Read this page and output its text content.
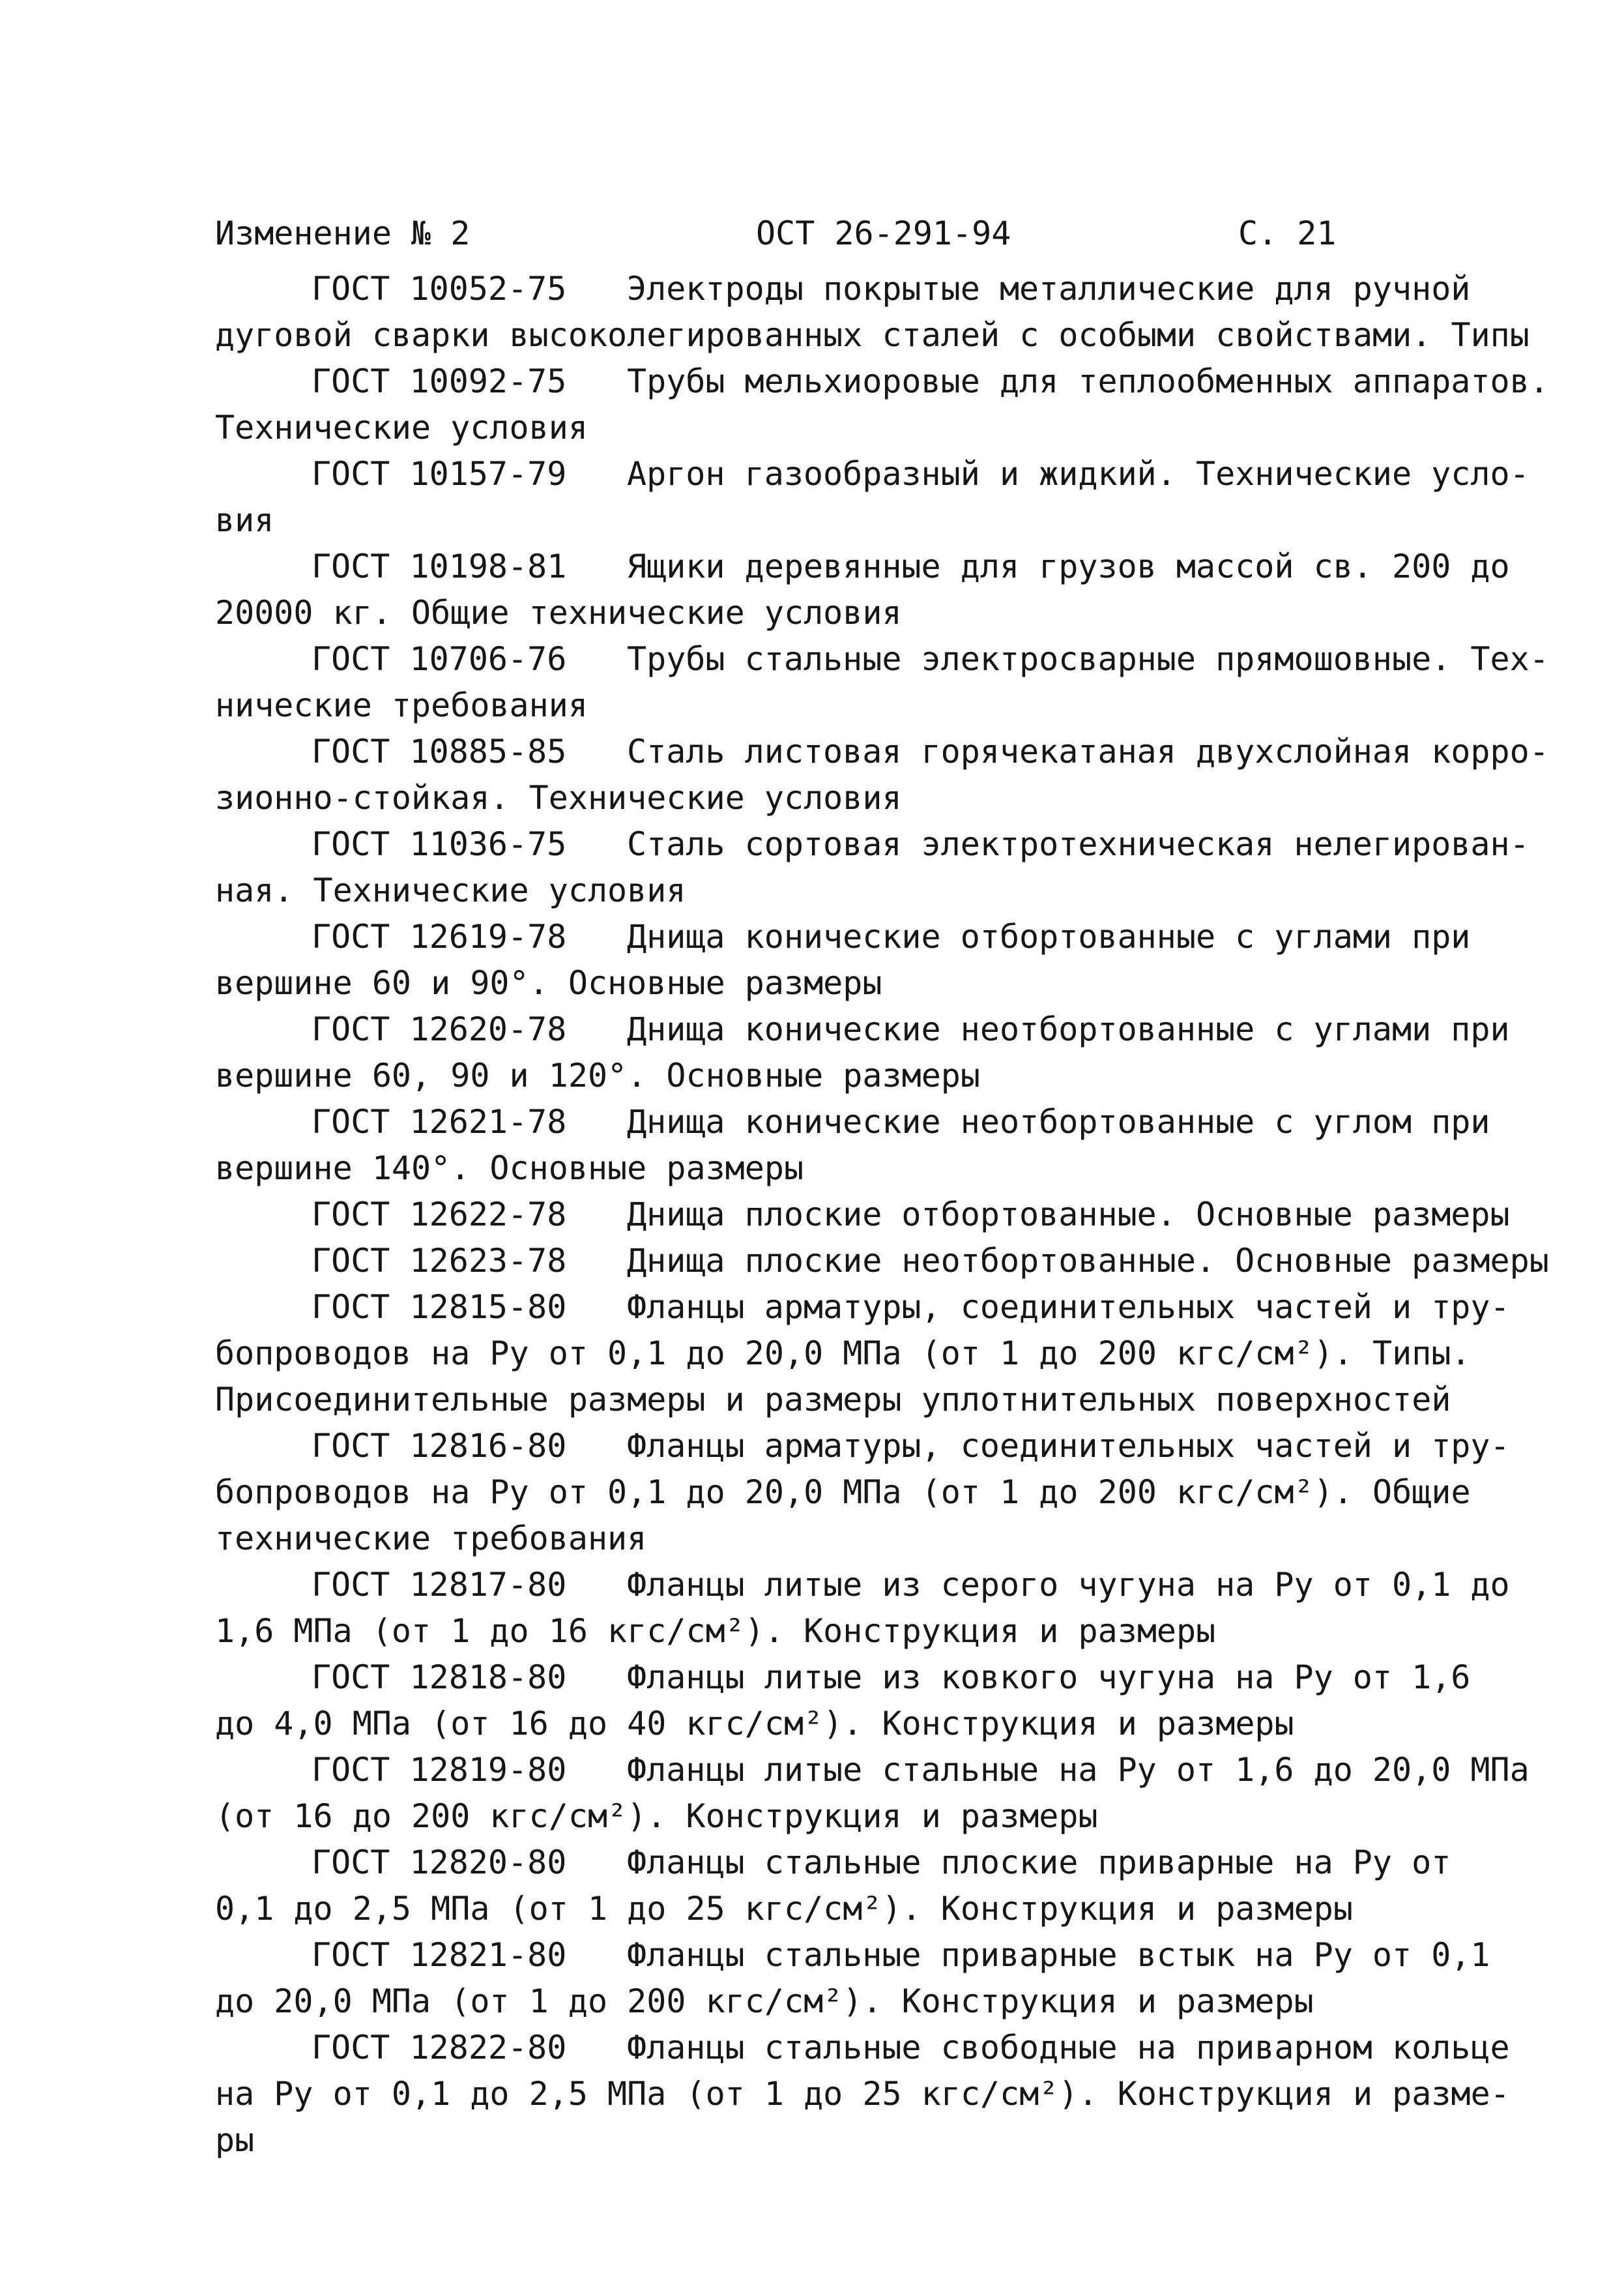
Изменение № 2	ОСТ 26-291-94	С. 21
ГОСТ 10052-75 Электроды покрытые металлические для ручной
дуговой сварки высоколегированных сталей с особыми свойствами. Типы
ГОСТ 10092-75 Трубы мельхиоровые для теплообменных аппаратов.
Технические условия
ГОСТ 10157-79 Аргон газообразный и жидкий. Технические усло-
вия
ГОСТ 10198-81 Ящики деревянные для грузов массой св. 200 до
20000 кг. Общие технические условия
ГОСТ 10706-76 Трубы стальные электросварные прямошовные. Тех-
нические требования
ГОСТ 10885-85 Сталь листовая горячекатаная двухслойная корро-
зионно-стойкая. Технические условия
ГОСТ 11036-75 Сталь сортовая электротехническая нелегирован-
ная. Технические условия
ГОСТ 12619-78 Днища конические отбортованные с углами при
вершине 60 и 90°. Основные размеры
ГОСТ 12620-78 Днища конические неотбортованные с углами при
вершине 60, 90 и 120°. Основные размеры
ГОСТ 12621-78 Днища конические неотбортованные с углом при
вершине 140°. Основные размеры
ГОСТ 12622-78 Днища плоские отбортованные. Основные размеры
ГОСТ 12623-78 Днища плоские неотбортованные. Основные размеры
ГОСТ 12815-80 Фланцы арматуры, соединительных частей и тру-
бопроводов на Ру от 0,1 до 20,0 МПа (от 1 до 200 кгс/см²). Типы.
Присоединительные размеры и размеры уплотнительных поверхностей
ГОСТ 12816-80 Фланцы арматуры, соединительных частей и тру-
бопроводов на Ру от 0,1 до 20,0 МПа (от 1 до 200 кгс/см²). Общие
технические требования
ГОСТ 12817-80 Фланцы литые из серого чугуна на Ру от 0,1 до
1,6 МПа (от 1 до 16 кгс/см²). Конструкция и размеры
ГОСТ 12818-80 Фланцы литые из ковкого чугуна на Ру от 1,6
до 4,0 МПа (от 16 до 40 кгс/см²). Конструкция и размеры
ГОСТ 12819-80 Фланцы литые стальные на Ру от 1,6 до 20,0 МПа
(от 16 до 200 кгс/см²). Конструкция и размеры
ГОСТ 12820-80 Фланцы стальные плоские приварные на Ру от
0,1 до 2,5 МПа (от 1 до 25 кгс/см²). Конструкция и размеры
ГОСТ 12821-80 Фланцы стальные приварные встык на Ру от 0,1
до 20,0 МПа (от 1 до 200 кгс/см²). Конструкция и размеры
ГОСТ 12822-80 Фланцы стальные свободные на приварном кольце
на Ру от 0,1 до 2,5 МПа (от 1 до 25 кгс/см²). Конструкция и разме-
ры
